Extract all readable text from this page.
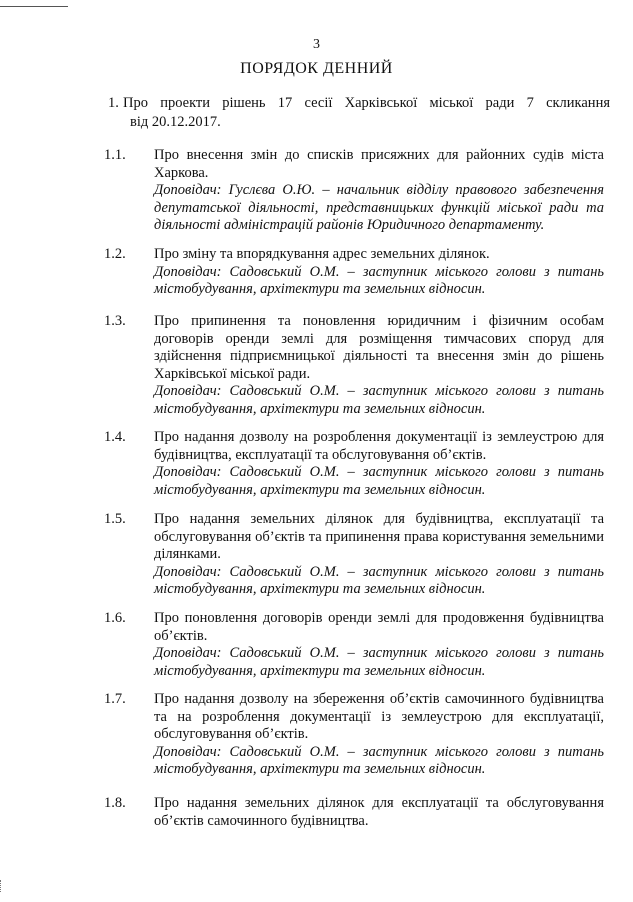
3
ПОРЯДОК ДЕННИЙ
1. Про проекти рішень 17 сесії Харківської міської ради 7 скликання
від 20.12.2017.
1.1.	Про внесення змін до списків присяжних для районних судів міста Харкова.
Доповідач: Гуслєва О.Ю. – начальник відділу правового забезпечення депутатської діяльності, представницьких функцій міської ради та діяльності адміністрацій районів Юридичного департаменту.
1.2.	Про зміну та впорядкування адрес земельних ділянок.
Доповідач: Садовський О.М. – заступник міського голови з питань містобудування, архітектури та земельних відносин.
1.3.	Про припинення та поновлення юридичним і фізичним особам договорів оренди землі для розміщення тимчасових споруд для здійснення підприємницької діяльності та внесення змін до рішень Харківської міської ради.
Доповідач: Садовський О.М. – заступник міського голови з питань містобудування, архітектури та земельних відносин.
1.4.	Про надання дозволу на розроблення документації із землеустрою для будівництва, експлуатації та обслуговування об’єктів.
Доповідач: Садовський О.М. – заступник міського голови з питань містобудування, архітектури та земельних відносин.
1.5.	Про надання земельних ділянок для будівництва, експлуатації та обслуговування об’єктів та припинення права користування земельними ділянками.
Доповідач: Садовський О.М. – заступник міського голови з питань містобудування, архітектури та земельних відносин.
1.6.	Про поновлення договорів оренди землі для продовження будівництва об’єктів.
Доповідач: Садовський О.М. – заступник міського голови з питань містобудування, архітектури та земельних відносин.
1.7.	Про надання дозволу на збереження об’єктів самочинного будівництва та на розроблення документації із землеустрою для експлуатації, обслуговування об’єктів.
Доповідач: Садовський О.М. – заступник міського голови з питань містобудування, архітектури та земельних відносин.
1.8.	Про надання земельних ділянок для експлуатації та обслуговування об’єктів самочинного будівництва.
